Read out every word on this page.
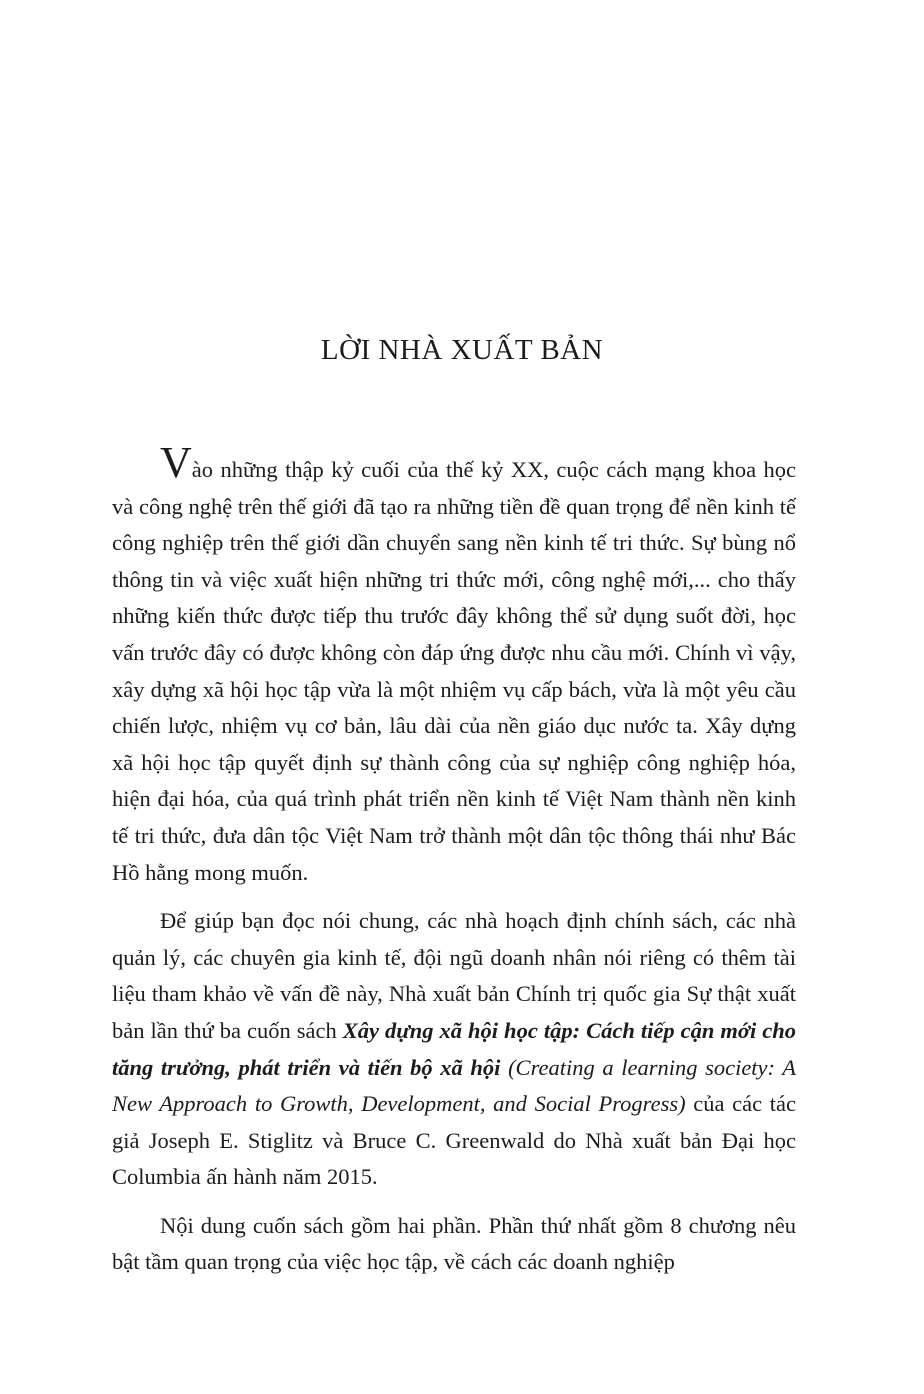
LỜI NHÀ XUẤT BẢN

Vào những thập kỷ cuối của thế kỷ XX, cuộc cách mạng khoa học và công nghệ trên thế giới đã tạo ra những tiền đề quan trọng để nền kinh tế công nghiệp trên thế giới dần chuyển sang nền kinh tế tri thức. Sự bùng nổ thông tin và việc xuất hiện những tri thức mới, công nghệ mới,... cho thấy những kiến thức được tiếp thu trước đây không thể sử dụng suốt đời, học vấn trước đây có được không còn đáp ứng được nhu cầu mới. Chính vì vậy, xây dựng xã hội học tập vừa là một nhiệm vụ cấp bách, vừa là một yêu cầu chiến lược, nhiệm vụ cơ bản, lâu dài của nền giáo dục nước ta. Xây dựng xã hội học tập quyết định sự thành công của sự nghiệp công nghiệp hóa, hiện đại hóa, của quá trình phát triển nền kinh tế Việt Nam thành nền kinh tế tri thức, đưa dân tộc Việt Nam trở thành một dân tộc thông thái như Bác Hồ hằng mong muốn.

Để giúp bạn đọc nói chung, các nhà hoạch định chính sách, các nhà quản lý, các chuyên gia kinh tế, đội ngũ doanh nhân nói riêng có thêm tài liệu tham khảo về vấn đề này, Nhà xuất bản Chính trị quốc gia Sự thật xuất bản lần thứ ba cuốn sách Xây dựng xã hội học tập: Cách tiếp cận mới cho tăng trưởng, phát triển và tiến bộ xã hội (Creating a learning society: A New Approach to Growth, Development, and Social Progress) của các tác giả Joseph E. Stiglitz và Bruce C. Greenwald do Nhà xuất bản Đại học Columbia ấn hành năm 2015.

Nội dung cuốn sách gồm hai phần. Phần thứ nhất gồm 8 chương nêu bật tầm quan trọng của việc học tập, về cách các doanh nghiệp
